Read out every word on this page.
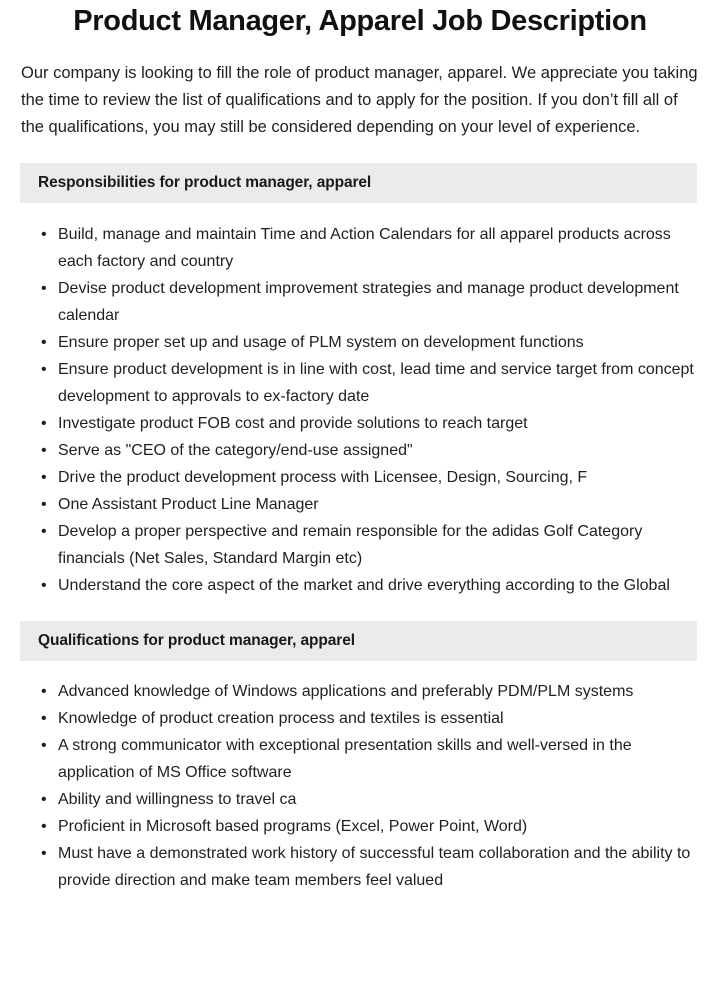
Product Manager, Apparel Job Description

Our company is looking to fill the role of product manager, apparel. We appreciate you taking the time to review the list of qualifications and to apply for the position. If you don’t fill all of the qualifications, you may still be considered depending on your level of experience.

Responsibilities for product manager, apparel
• Build, manage and maintain Time and Action Calendars for all apparel products across each factory and country
• Devise product development improvement strategies and manage product development calendar
• Ensure proper set up and usage of PLM system on development functions
• Ensure product development is in line with cost, lead time and service target from concept development to approvals to ex-factory date
• Investigate product FOB cost and provide solutions to reach target
• Serve as "CEO of the category/end-use assigned"
• Drive the product development process with Licensee, Design, Sourcing, F
• One Assistant Product Line Manager
• Develop a proper perspective and remain responsible for the adidas Golf Category financials (Net Sales, Standard Margin etc)
• Understand the core aspect of the market and drive everything according to the Global
Qualifications for product manager, apparel
• Advanced knowledge of Windows applications and preferably PDM/PLM systems
• Knowledge of product creation process and textiles is essential
• A strong communicator with exceptional presentation skills and well-versed in the application of MS Office software
• Ability and willingness to travel ca
• Proficient in Microsoft based programs (Excel, Power Point, Word)
• Must have a demonstrated work history of successful team collaboration and the ability to provide direction and make team members feel valued
